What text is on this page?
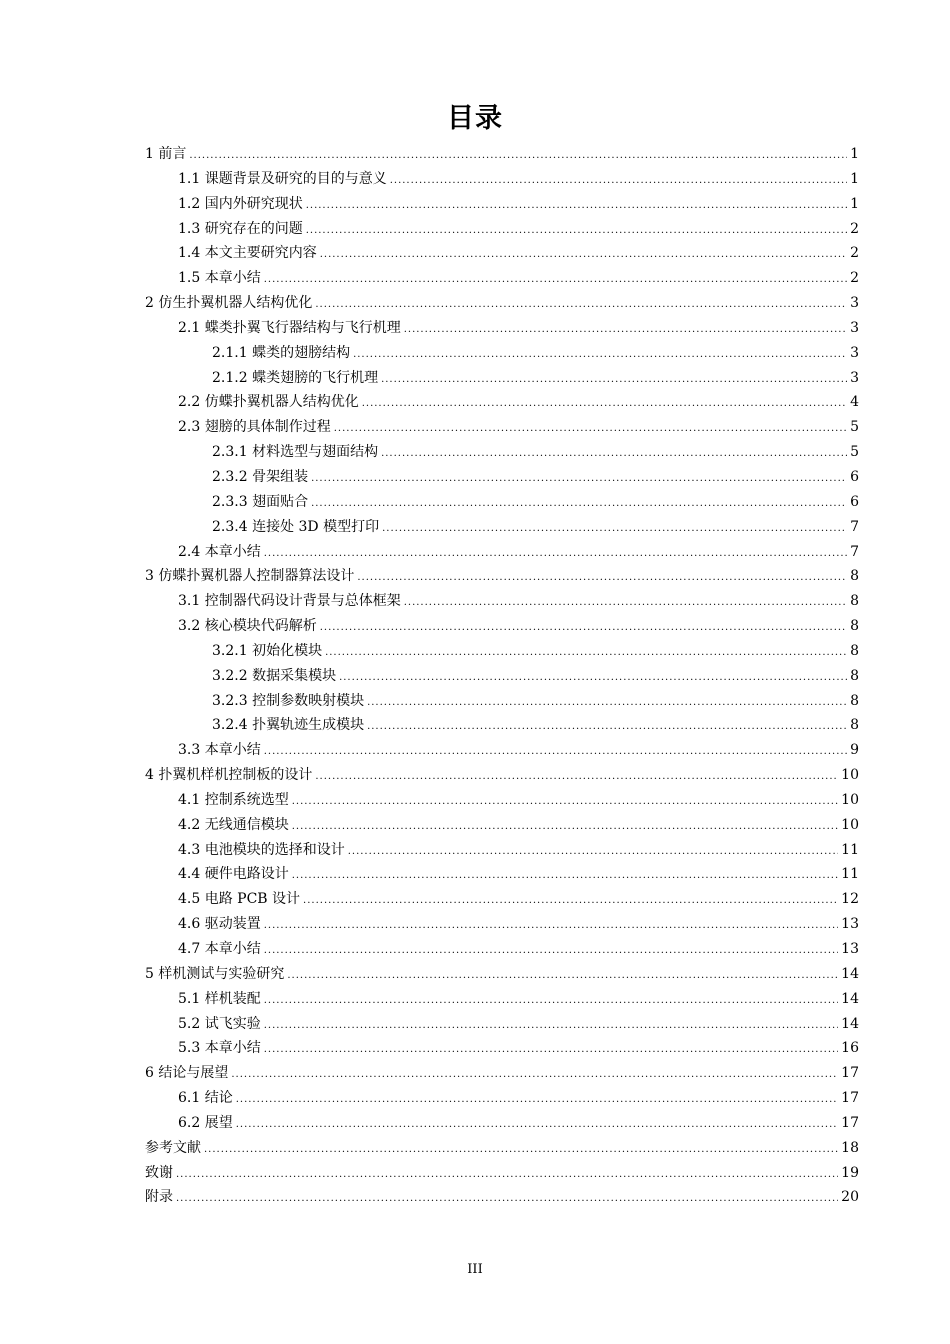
目录
1 前言 .....	1
1.1 课题背景及研究的目的与意义 .....	1
1.2 国内外研究现状 .....	1
1.3 研究存在的问题 .....	2
1.4 本文主要研究内容 .....	2
1.5 本章小结 .....	2
2 仿生扑翼机器人结构优化 .....	3
2.1 蝶类扑翼飞行器结构与飞行机理 .....	3
2.1.1 蝶类的翅膀结构 .....	3
2.1.2 蝶类翅膀的飞行机理 .....	3
2.2 仿蝶扑翼机器人结构优化 .....	4
2.3 翅膀的具体制作过程 .....	5
2.3.1 材料选型与翅面结构 .....	5
2.3.2 骨架组装 .....	6
2.3.3 翅面贴合 .....	6
2.3.4 连接处 3D 模型打印 .....	7
2.4 本章小结 .....	7
3 仿蝶扑翼机器人控制器算法设计 .....	8
3.1 控制器代码设计背景与总体框架 .....	8
3.2 核心模块代码解析 .....	8
3.2.1 初始化模块 .....	8
3.2.2 数据采集模块 .....	8
3.2.3 控制参数映射模块 .....	8
3.2.4 扑翼轨迹生成模块 .....	8
3.3 本章小结 .....	9
4 扑翼机样机控制板的设计 .....	10
4.1 控制系统选型 .....	10
4.2 无线通信模块 .....	10
4.3 电池模块的选择和设计 .....	11
4.4 硬件电路设计 .....	11
4.5 电路 PCB 设计 .....	12
4.6 驱动装置 .....	13
4.7 本章小结 .....	13
5 样机测试与实验研究 .....	14
5.1 样机装配 .....	14
5.2 试飞实验 .....	14
5.3 本章小结 .....	16
6 结论与展望 .....	17
6.1 结论 .....	17
6.2 展望 .....	17
参考文献 .....	18
致谢 .....	19
附录 .....	20
III
